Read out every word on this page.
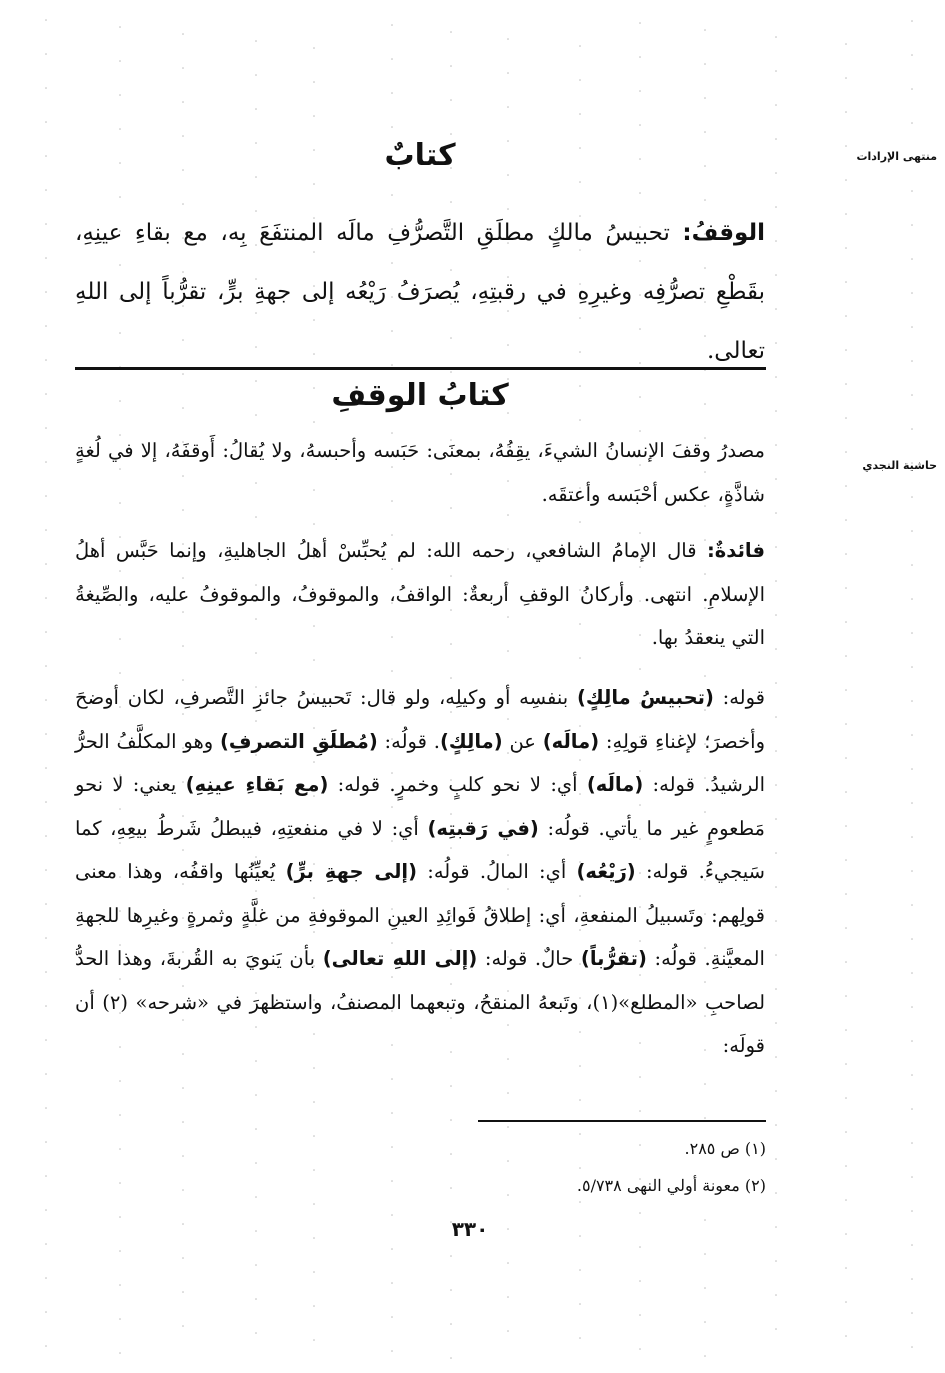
منتهى الإرادات
حاشية النجدي
كتابٌ

الوقفُ: تحبيسُ مالكٍ مطلَقِ التَّصرُّفِ مالَه المنتفَعَ بِه، مع بقاءِ عينِهِ، بقَطْعِ تصرُّفِه وغيرِهِ في رقبتِهِ، يُصرَفُ رَيْعُه إلى جهةِ برٍّ، تقرُّباً إلى اللهِ تعالى.

كتابُ الوقفِ

مصدرُ وقفَ الإنسانُ الشيءَ، يقِفُهُ، بمعنَى: حَبَسه وأحبسهُ، ولا يُقالُ: أَوقفَهُ، إلا في لُغةٍ شاذَّةٍ، عكس أحْبَسه وأعتقَه.

فائدةٌ: قال الإمامُ الشافعي، رحمه الله: لم يُحبِّسْ أهلُ الجاهليةِ، وإنما حَبَّس أهلُ الإسلامِ. انتهى. وأركانُ الوقفِ أربعةٌ: الواقفُ، والموقوفُ، والموقوفُ عليه، والصِّيغةُ التي ينعقدُ بها.

قوله: (تحبيسُ مالِكٍ) بنفسِه أو وكيلِه، ولو قال: تَحبيسُ جائزِ التَّصرفِ، لكان أوضحَ وأخصرَ؛ لإغناءِ قولِهِ: (مالَه) عن (مالِكٍ). قولُه: (مُطلَقِ التصرفِ) وهو المكلَّفُ الحرُّ الرشيدُ. قوله: (مالَه) أي: لا نحو كلبٍ وخمرٍ. قوله: (مع بَقاءِ عينِهِ) يعني: لا نحو مَطعومٍ غير ما يأتي. قولُه: (في رَقبتِه) أي: لا في منفعتِهِ، فيبطلُ شَرطُ بيعِهِ، كما سَيجيءُ. قوله: (رَيْعُه) أي: المالُ. قولُه: (إلى جهةِ برٍّ) يُعيِّنُها واقفُه، وهذا معنى قولِهم: وتَسبيلُ المنفعةِ، أي: إطلاقُ فَوائِدِ العينِ الموقوفةِ من غلَّةٍ وثمرةٍ وغيرِها للجهةِ المعيَّنةِ. قولُه: (تقرُّباً) حالٌ. قوله: (إلى اللهِ تعالى) بأن يَنويَ به القُربةَ، وهذا الحدُّ لصاحبِ «المطلع»(١)، وتَبعهُ المنقحُ، وتبعهما المصنفُ، واستظهرَ في «شرحه» (٢) أن قولَه:

(١) ص ٢٨٥.
(٢) معونة أولي النهى ٥/٧٣٨.
٣٣٠
